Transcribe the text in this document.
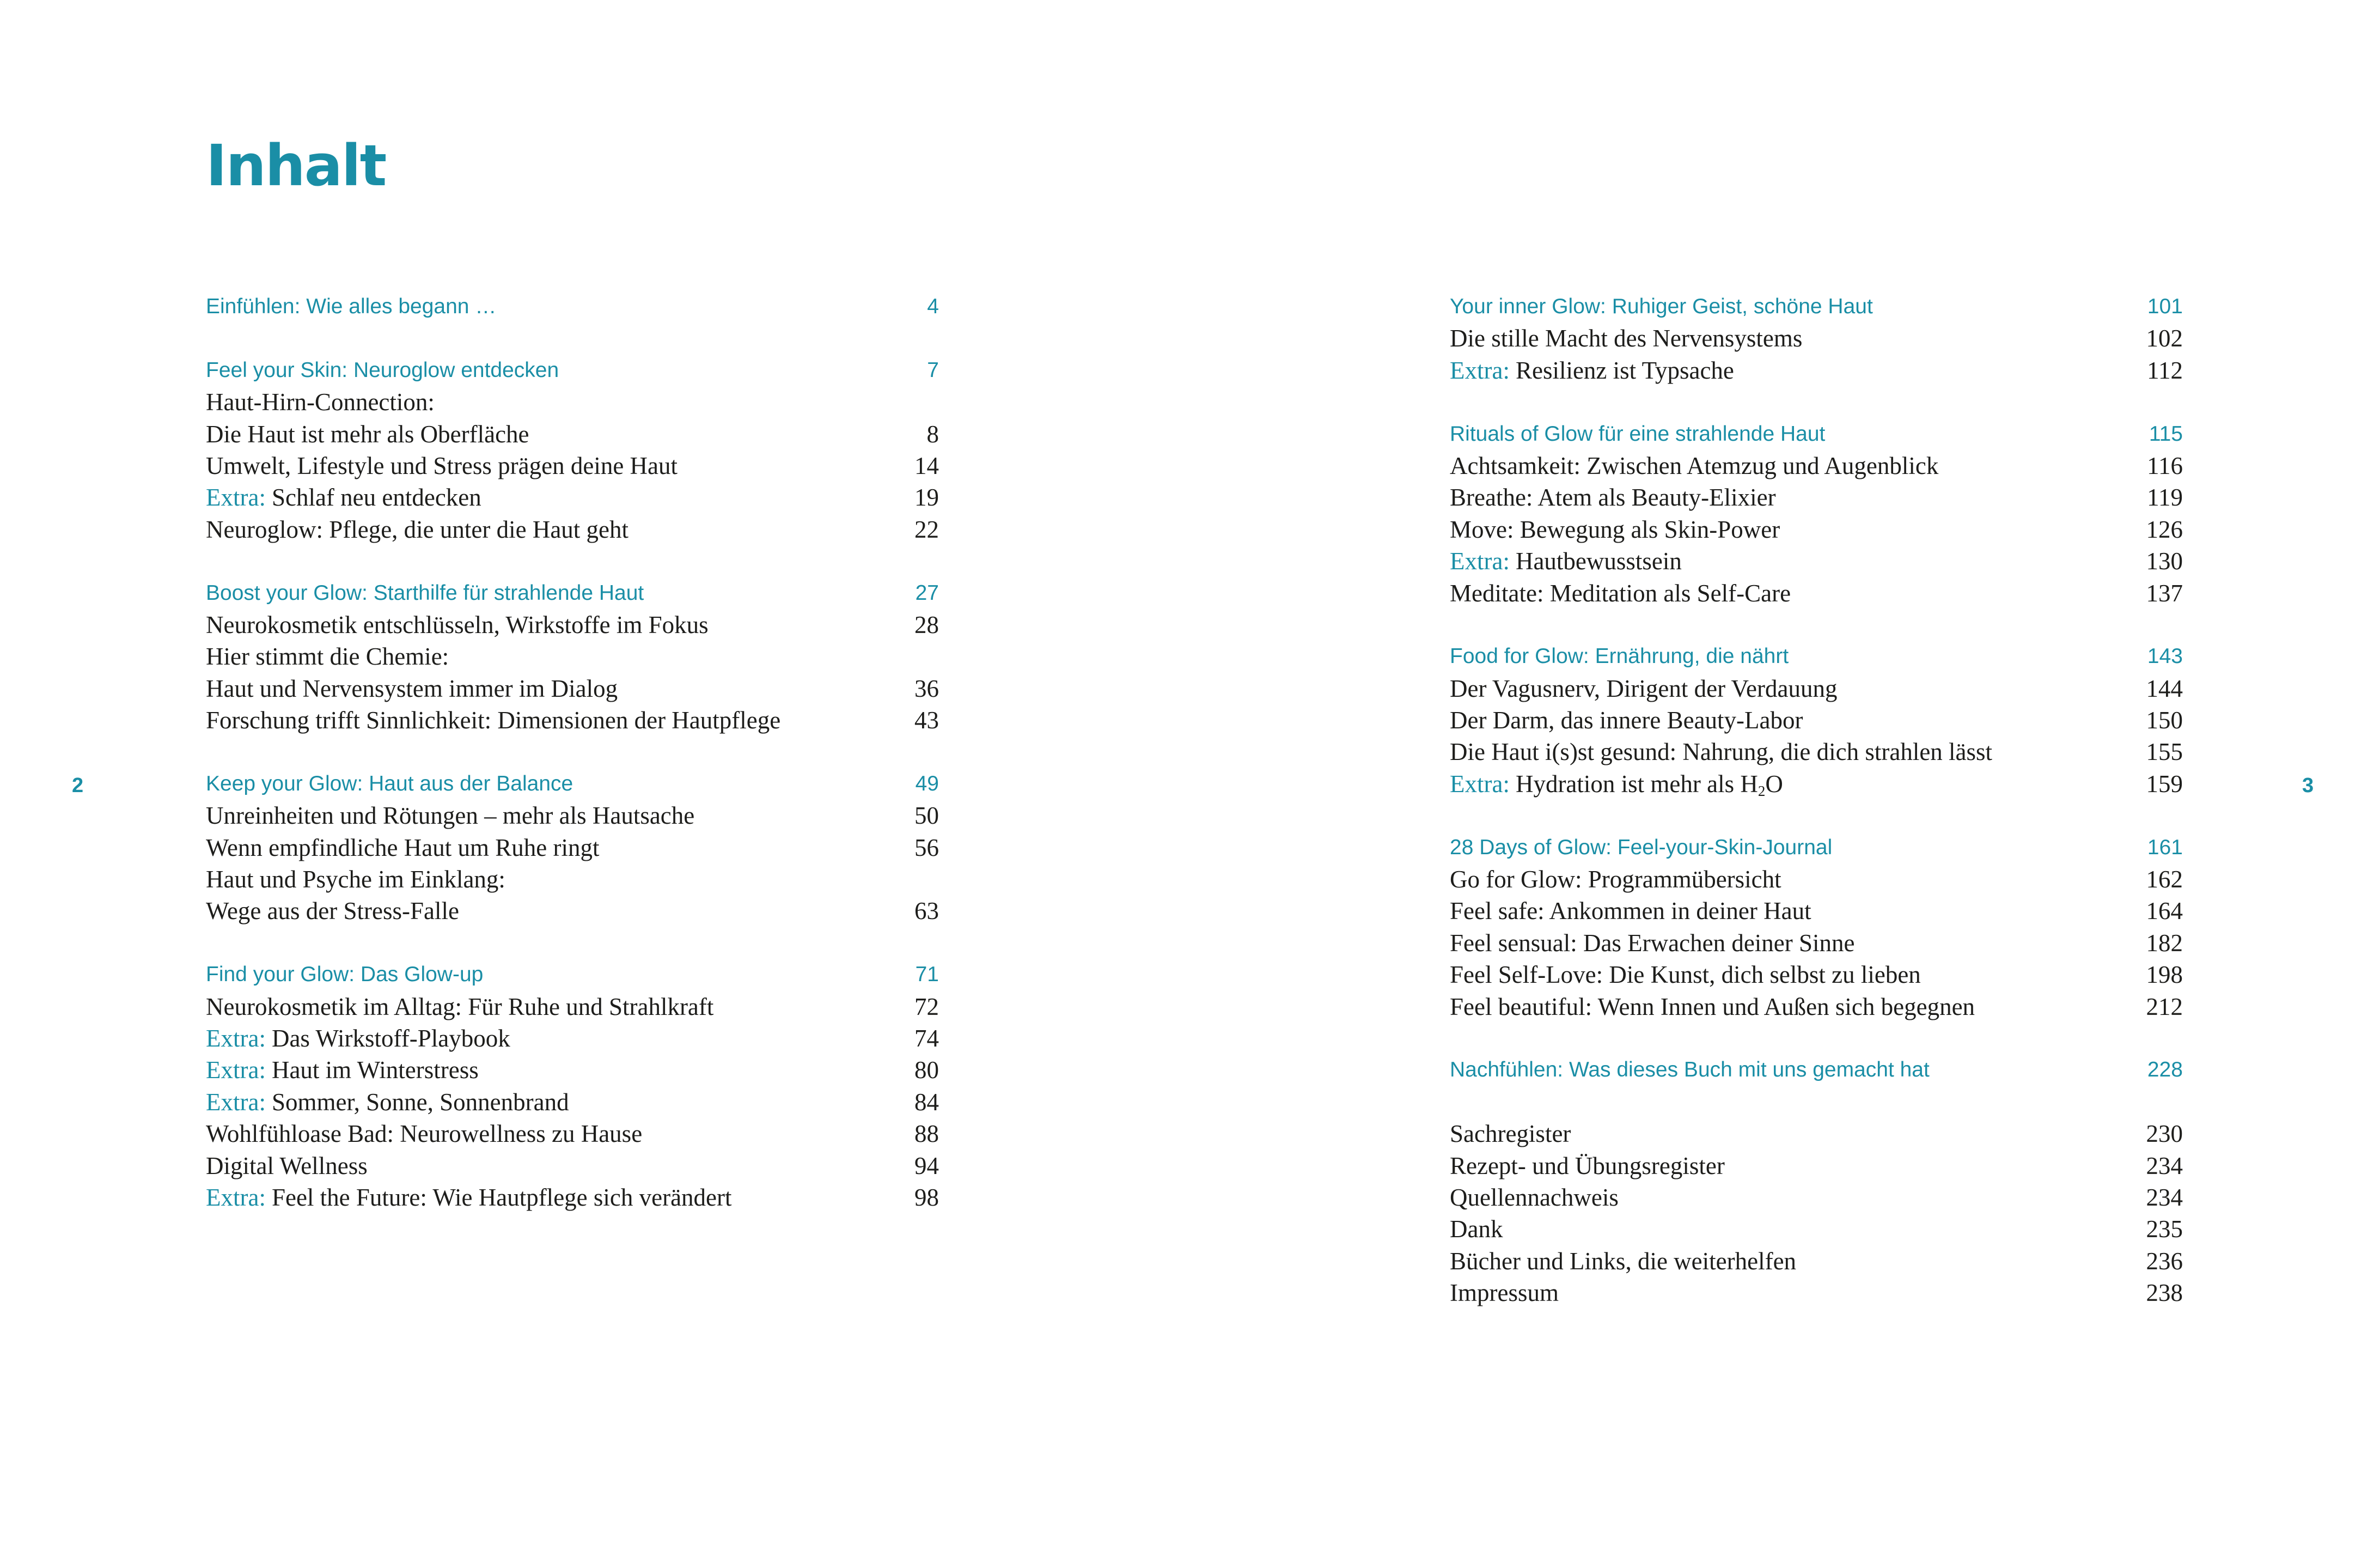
Inhalt
Einfühlen: Wie alles begann …	4
Feel your Skin: Neuroglow entdecken	7
Haut-Hirn-Connection:
Die Haut ist mehr als Oberfläche	8
Umwelt, Lifestyle und Stress prägen deine Haut	14
Extra: Schlaf neu entdecken	19
Neuroglow: Pflege, die unter die Haut geht	22
Boost your Glow: Starthilfe für strahlende Haut	27
Neurokosmetik entschlüsseln, Wirkstoffe im Fokus	28
Hier stimmt die Chemie:
Haut und Nervensystem immer im Dialog	36
Forschung trifft Sinnlichkeit: Dimensionen der Hautpflege	43
Keep your Glow: Haut aus der Balance	49
Unreinheiten und Rötungen – mehr als Hautsache	50
Wenn empfindliche Haut um Ruhe ringt	56
Haut und Psyche im Einklang:
Wege aus der Stress-Falle	63
Find your Glow: Das Glow-up	71
Neurokosmetik im Alltag: Für Ruhe und Strahlkraft	72
Extra: Das Wirkstoff-Playbook	74
Extra: Haut im Winterstress	80
Extra: Sommer, Sonne, Sonnenbrand	84
Wohlfühloase Bad: Neurowellness zu Hause	88
Digital Wellness	94
Extra: Feel the Future: Wie Hautpflege sich verändert	98
Your inner Glow: Ruhiger Geist, schöne Haut	101
Die stille Macht des Nervensystems	102
Extra: Resilienz ist Typsache	112
Rituals of Glow für eine strahlende Haut	115
Achtsamkeit: Zwischen Atemzug und Augenblick	116
Breathe: Atem als Beauty-Elixier	119
Move: Bewegung als Skin-Power	126
Extra: Hautbewusstsein	130
Meditate: Meditation als Self-Care	137
Food for Glow: Ernährung, die nährt	143
Der Vagusnerv, Dirigent der Verdauung	144
Der Darm, das innere Beauty-Labor	150
Die Haut i(s)st gesund: Nahrung, die dich strahlen lässt	155
Extra: Hydration ist mehr als $H_2O$	159
28 Days of Glow: Feel-your-Skin-Journal	161
Go for Glow: Programmübersicht	162
Feel safe: Ankommen in deiner Haut	164
Feel sensual: Das Erwachen deiner Sinne	182
Feel Self-Love: Die Kunst, dich selbst zu lieben	198
Feel beautiful: Wenn Innen und Außen sich begegnen	212
Nachfühlen: Was dieses Buch mit uns gemacht hat	228
Sachregister	230
Rezept- und Übungsregister	234
Quellennachweis	234
Dank	235
Bücher und Links, die weiterhelfen	236
Impressum	238
2	3
